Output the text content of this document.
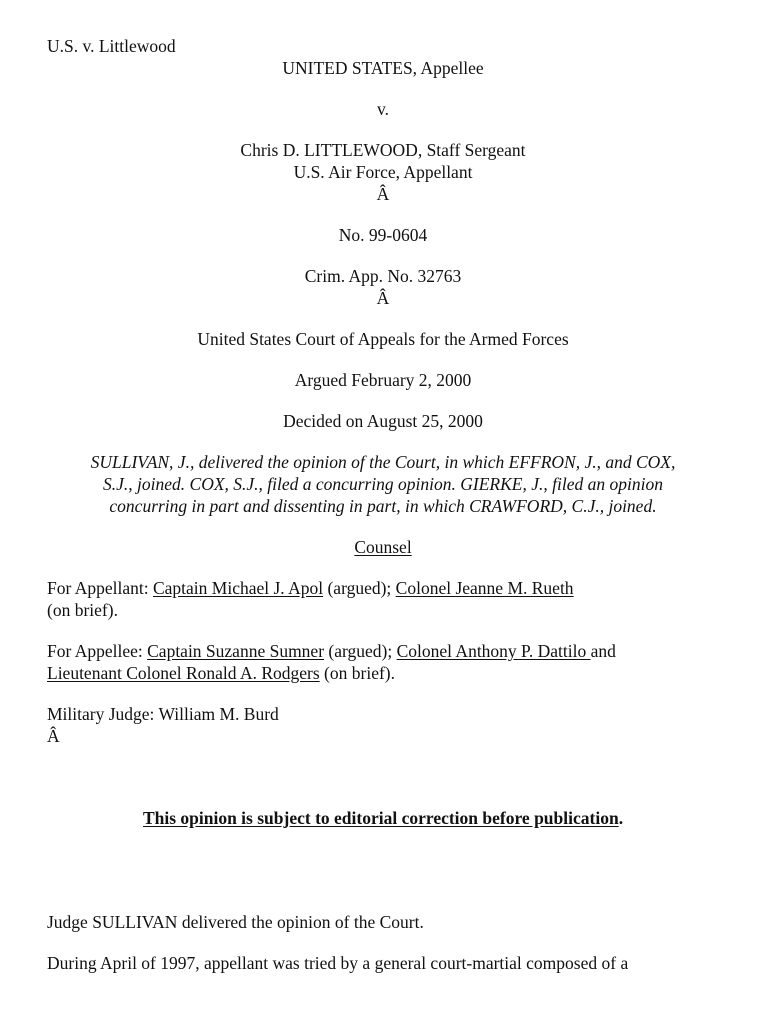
U.S. v. Littlewood
UNITED STATES, Appellee
v.
Chris D. LITTLEWOOD, Staff Sergeant
U.S. Air Force, Appellant
Â
No. 99-0604
Crim. App. No. 32763
Â
United States Court of Appeals for the Armed Forces
Argued February 2, 2000
Decided on August 25, 2000
SULLIVAN, J., delivered the opinion of the Court, in which EFFRON, J., and COX,
S.J., joined. COX, S.J., filed a concurring opinion. GIERKE, J., filed an opinion
concurring in part and dissenting in part, in which CRAWFORD, C.J., joined.
Counsel
For Appellant: Captain Michael J. Apol (argued); Colonel Jeanne M. Rueth
(on brief).
For Appellee: Captain Suzanne Sumner (argued); Colonel Anthony P. Dattilo and
Lieutenant Colonel Ronald A. Rodgers (on brief).
Military Judge: William M. Burd
Â
This opinion is subject to editorial correction before publication.
Judge SULLIVAN delivered the opinion of the Court.
During April of 1997, appellant was tried by a general court-martial composed of a
